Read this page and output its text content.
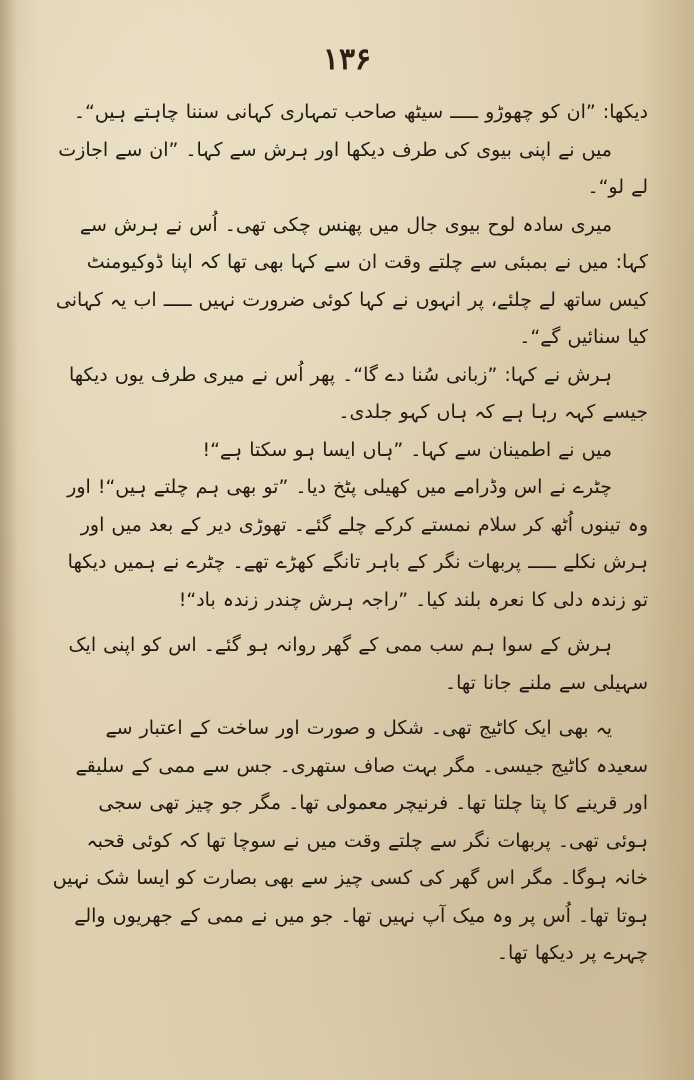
۱۳۶

دیکھا: ”ان کو چھوڑو ـــــ سیٹھ صاحب تمہاری کہانی سننا چاہتے ہیں“۔

میں نے اپنی بیوی کی طرف دیکھا اور ہرش سے کہا۔ ”ان سے اجازت لے لو“۔

میری سادہ لوح بیوی جال میں پھنس چکی تھی۔ اُس نے ہرش سے کہا: میں نے بمبئی سے چلتے وقت ان سے کہا بھی تھا کہ اپنا ڈوکیومنٹ کیس ساتھ لے چلئے، پر انہوں نے کہا کوئی ضرورت نہیں ـــــ اب یہ کہانی کیا سنائیں گے“۔

ہرش نے کہا: ”زبانی سُنا دے گا“۔ پھر اُس نے میری طرف یوں دیکھا جیسے کہہ رہا ہے کہ ہاں کہو جلدی۔

میں نے اطمینان سے کہا۔ ”ہاں ایسا ہو سکتا ہے“!

چٹرے نے اس وڈرامے میں کھیلی پٹخ دیا۔ ”تو بھی ہم چلتے ہیں“! اور وہ تینوں اُٹھ کر سلام نمستے کرکے چلے گئے۔ تھوڑی دیر کے بعد میں اور ہرش نکلے ـــــ پربھات نگر کے باہر تانگے کھڑے تھے۔ چٹرے نے ہمیں دیکھا تو زندہ دلی کا نعرہ بلند کیا۔ ”راجہ ہرش چندر زندہ باد“!

ہرش کے سوا ہم سب ممی کے گھر روانہ ہو گئے۔ اس کو اپنی ایک سہیلی سے ملنے جانا تھا۔

یہ بھی ایک کاٹیج تھی۔ شکل و صورت اور ساخت کے اعتبار سے سعیدہ کاٹیج جیسی۔ مگر بہت صاف ستھری۔ جس سے ممی کے سلیقے اور قرینے کا پتا چلتا تھا۔ فرنیچر معمولی تھا۔ مگر جو چیز تھی سجی ہوئی تھی۔ پربھات نگر سے چلتے وقت میں نے سوچا تھا کہ کوئی قحبہ خانہ ہوگا۔ مگر اس گھر کی کسی چیز سے بھی بصارت کو ایسا شک نہیں ہوتا تھا۔ اُس پر وہ میک آپ نہیں تھا۔ جو میں نے ممی کے جھریوں والے چہرے پر دیکھا تھا۔
